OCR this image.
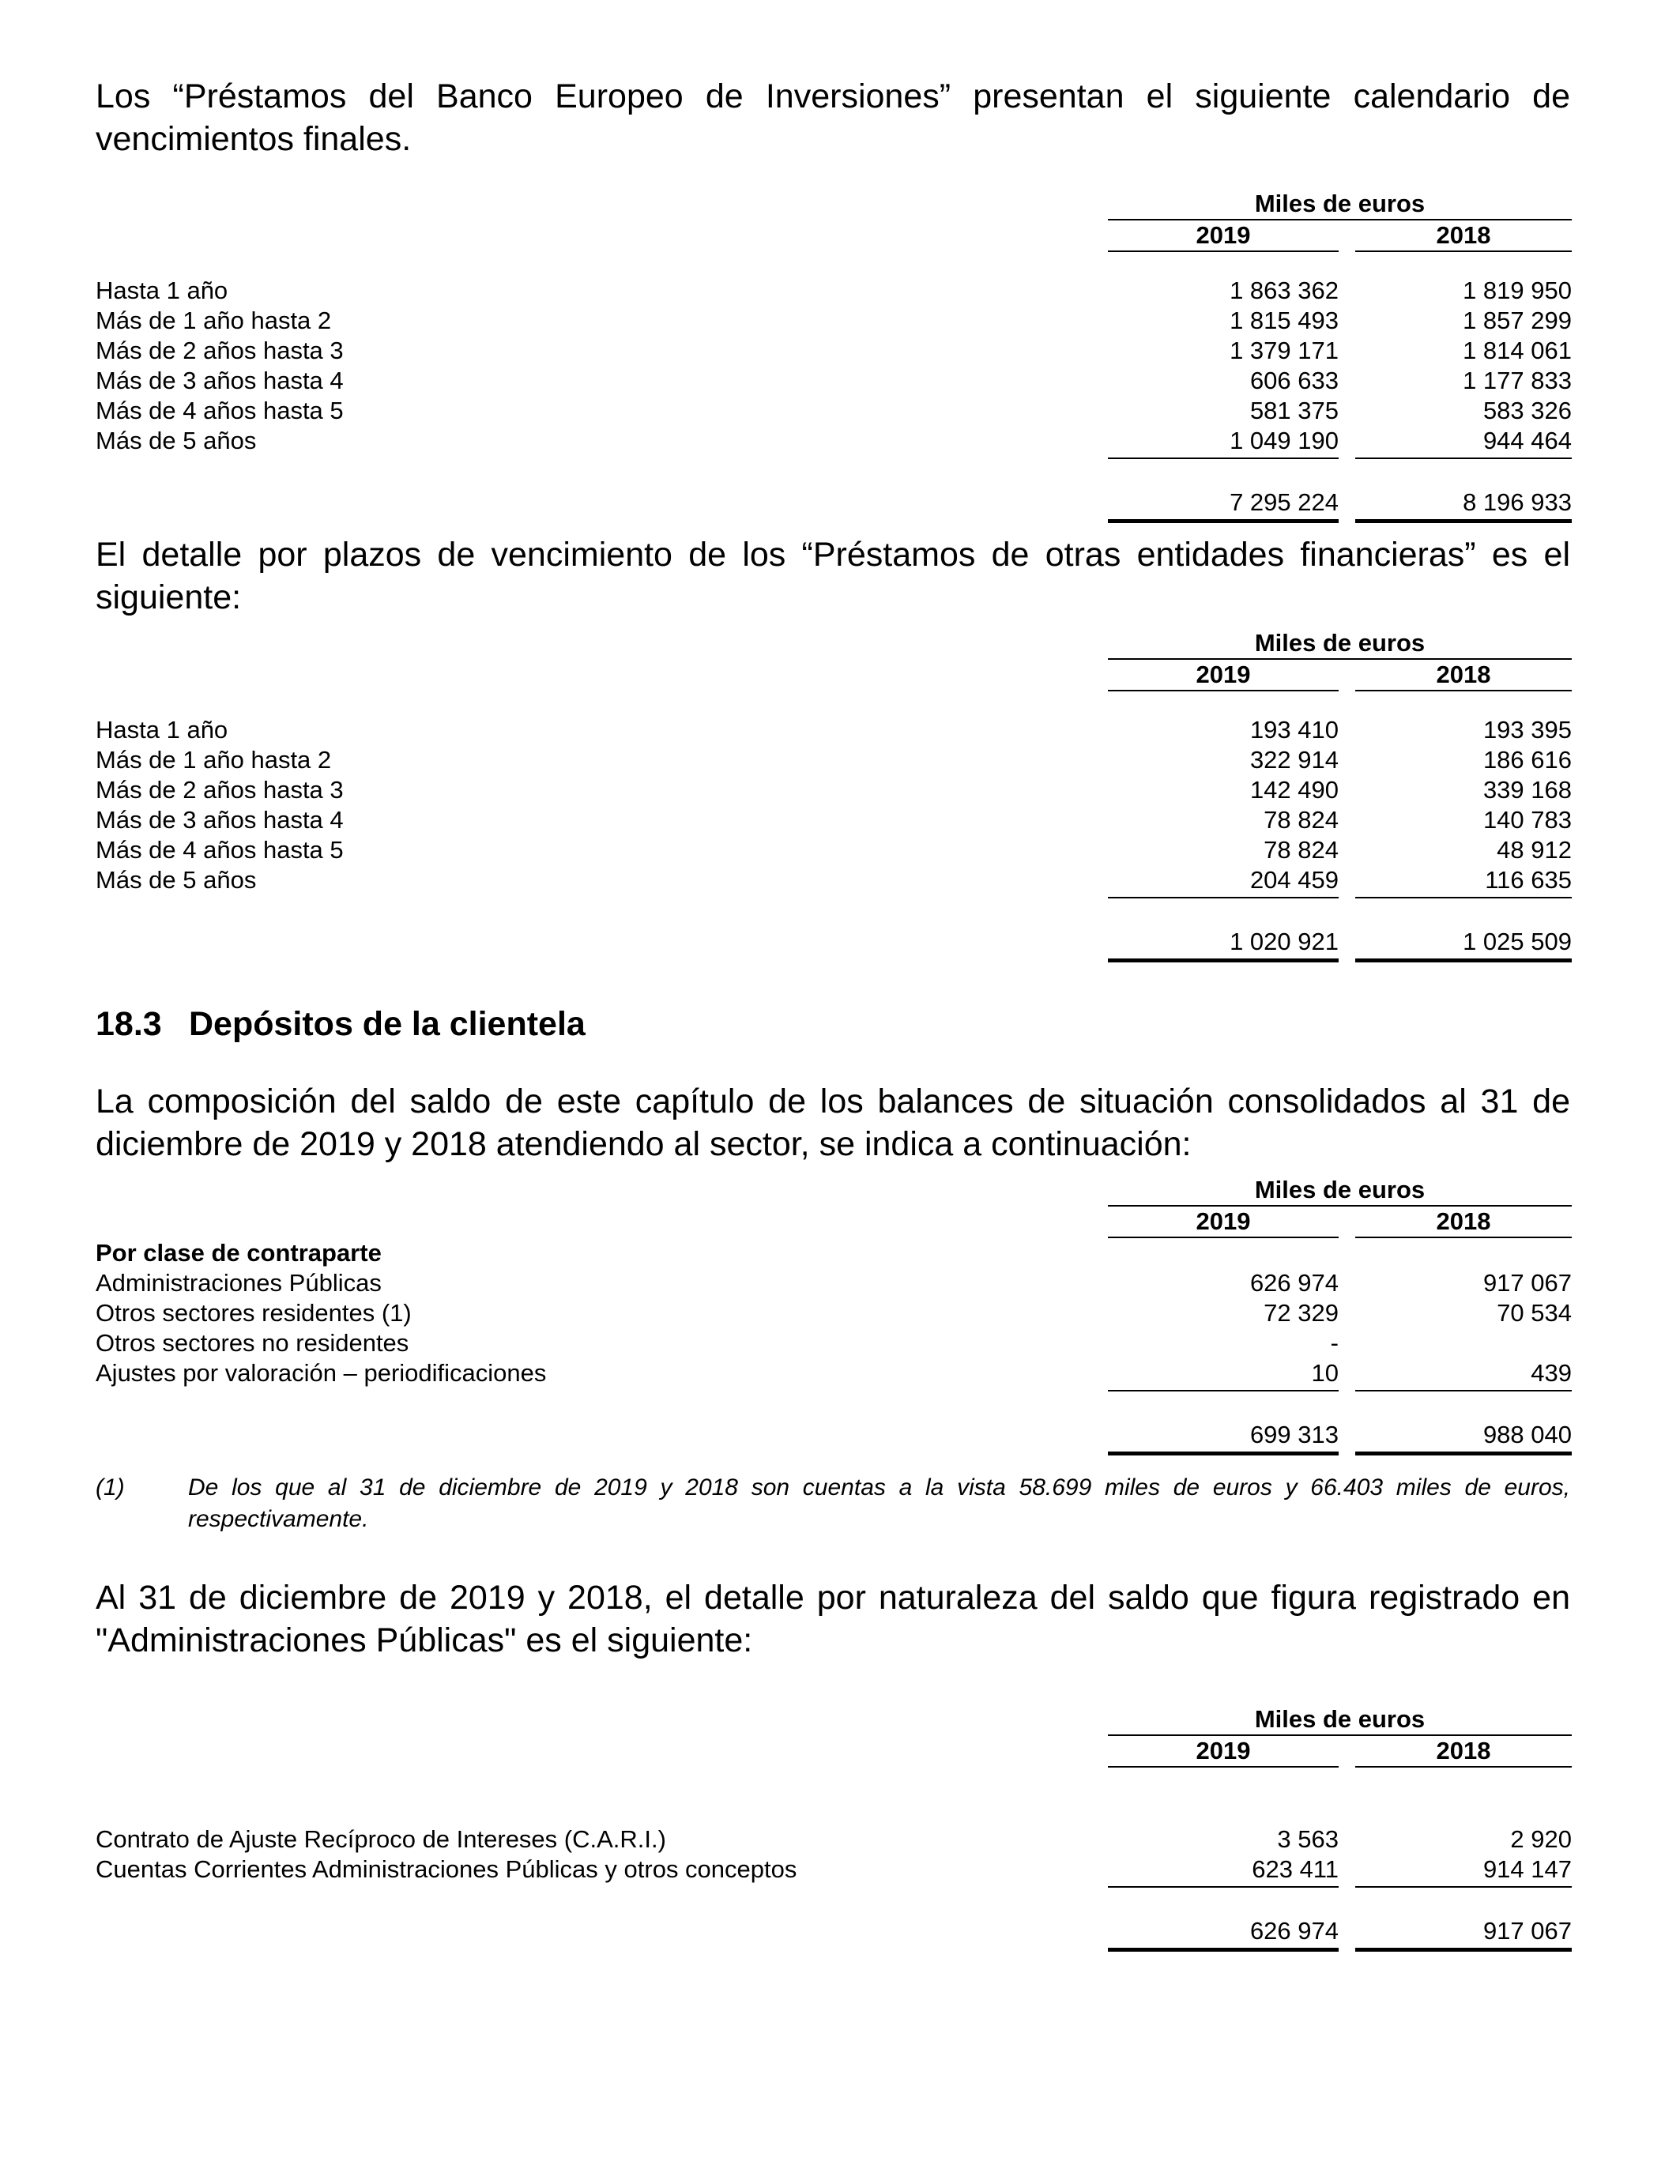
Los “Préstamos del Banco Europeo de Inversiones” presentan el siguiente calendario de vencimientos finales.

Miles de euros
2019	2018
Hasta 1 año	1 863 362	1 819 950
Más de 1 año hasta 2	1 815 493	1 857 299
Más de 2 años hasta 3	1 379 171	1 814 061
Más de 3 años hasta 4	606 633	1 177 833
Más de 4 años hasta 5	581 375	583 326
Más de 5 años	1 049 190	944 464
7 295 224	8 196 933

El detalle por plazos de vencimiento de los “Préstamos de otras entidades financieras” es el siguiente:

Miles de euros
2019	2018
Hasta 1 año	193 410	193 395
Más de 1 año hasta 2	322 914	186 616
Más de 2 años hasta 3	142 490	339 168
Más de 3 años hasta 4	78 824	140 783
Más de 4 años hasta 5	78 824	48 912
Más de 5 años	204 459	116 635
1 020 921	1 025 509
18.3 Depósitos de la clientela

La composición del saldo de este capítulo de los balances de situación consolidados al 31 de diciembre de 2019 y 2018 atendiendo al sector, se indica a continuación:

Miles de euros
2019	2018
Por clase de contraparte
Administraciones Públicas	626 974	917 067
Otros sectores residentes (1)	72 329	70 534
Otros sectores no residentes	-
Ajustes por valoración – periodificaciones	10	439
699 313	988 040
(1)	De los que al 31 de diciembre de 2019 y 2018 son cuentas a la vista 58.699 miles de euros y 66.403 miles de euros, respectivamente.

Al 31 de diciembre de 2019 y 2018, el detalle por naturaleza del saldo que figura registrado en "Administraciones Públicas" es el siguiente:

Miles de euros
2019	2018
Contrato de Ajuste Recíproco de Intereses (C.A.R.I.)	3 563	2 920
Cuentas Corrientes Administraciones Públicas y otros conceptos	623 411	914 147
626 974	917 067
